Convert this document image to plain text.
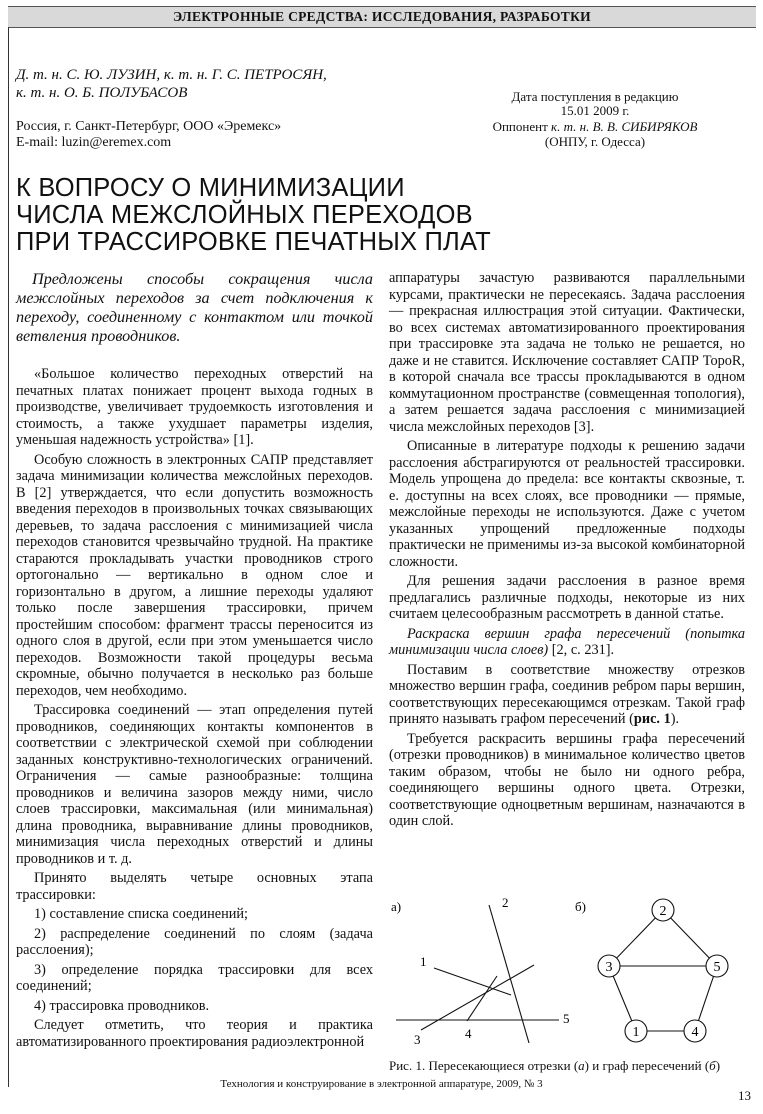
ЭЛЕКТРОННЫЕ СРЕДСТВА: ИССЛЕДОВАНИЯ, РАЗРАБОТКИ
Д. т. н. С. Ю. ЛУЗИН, к. т. н. Г. С. ПЕТРОСЯН,
к. т. н. О. Б. ПОЛУБАСОВ
Россия, г. Санкт-Петербург, ООО «Эремекс»
E-mail: luzin@eremex.com
Дата поступления в редакцию
15.01 2009 г.
Оппонент к. т. н. В. В. СИБИРЯКОВ
(ОНПУ, г. Одесса)
К ВОПРОСУ О МИНИМИЗАЦИИ
ЧИСЛА МЕЖСЛОЙНЫХ ПЕРЕХОДОВ
ПРИ ТРАССИРОВКЕ ПЕЧАТНЫХ ПЛАТ
Предложены способы сокращения числа межслойных переходов за счет подключения к переходу, соединенному с контактом или точкой ветвления проводников.

«Большое количество переходных отверстий на печатных платах понижает процент выхода годных в производстве, увеличивает трудоемкость изготовления и стоимость, а также ухудшает параметры изделия, уменьшая надежность устройства» [1].

Особую сложность в электронных САПР представляет задача минимизации количества межслойных переходов. В [2] утверждается, что если допустить возможность введения переходов в произвольных точках связывающих деревьев, то задача расслоения с минимизацией числа переходов становится чрезвычайно трудной. На практике стараются прокладывать участки проводников строго ортогонально — вертикально в одном слое и горизонтально в другом, а лишние переходы удаляют только после завершения трассировки, причем простейшим способом: фрагмент трассы переносится из одного слоя в другой, если при этом уменьшается число переходов. Возможности такой процедуры весьма скромные, обычно получается в несколько раз больше переходов, чем необходимо.

Трассировка соединений — этап определения путей проводников, соединяющих контакты компонентов в соответствии с электрической схемой при соблюдении заданных конструктивно-технологических ограничений. Ограничения — самые разнообразные: толщина проводников и величина зазоров между ними, число слоев трассировки, максимальная (или минимальная) длина проводника, выравнивание длины проводников, минимизация числа переходных отверстий и длины проводников и т. д.

Принято выделять четыре основных этапа трассировки:

1) составление списка соединений;
2) распределение соединений по слоям (задача расслоения);
3) определение порядка трассировки для всех соединений;
4) трассировка проводников.

Следует отметить, что теория и практика автоматизированного проектирования радиоэлектронной

аппаратуры зачастую развиваются параллельными курсами, практически не пересекаясь. Задача расслоения — прекрасная иллюстрация этой ситуации. Фактически, во всех системах автоматизированного проектирования при трассировке эта задача не только не решается, но даже и не ставится. Исключение составляет САПР TopoR, в которой сначала все трассы прокладываются в одном коммутационном пространстве (совмещенная топология), а затем решается задача расслоения с минимизацией числа межслойных переходов [3].

Описанные в литературе подходы к решению задачи расслоения абстрагируются от реальностей трассировки. Модель упрощена до предела: все контакты сквозные, т. е. доступны на всех слоях, все проводники — прямые, межслойные переходы не используются. Даже с учетом указанных упрощений предложенные подходы практически не применимы из-за высокой комбинаторной сложности.

Для решения задачи расслоения в разное время предлагались различные подходы, некоторые из них считаем целесообразным рассмотреть в данной статье.

Раскраска вершин графа пересечений (попытка минимизации числа слоев) [2, с. 231].

Поставим в соответствие множеству отрезков множество вершин графа, соединив ребром пары вершин, соответствующих пересекающимся отрезкам. Такой граф принято называть графом пересечений (рис. 1).

Требуется раскрасить вершины графа пересечений (отрезки проводников) в минимальное количество цветов таким образом, чтобы не было ни одного ребра, соединяющего вершины одного цвета. Отрезки, соответствующие одноцветным вершинам, назначаются в один слой.

а)	2
1
3	4
5
б)	2
3	5
1	4
Рис. 1. Пересекающиеся отрезки (а) и граф пересечений (б)
Технология и конструирование в электронной аппаратуре, 2009, № 3
13
